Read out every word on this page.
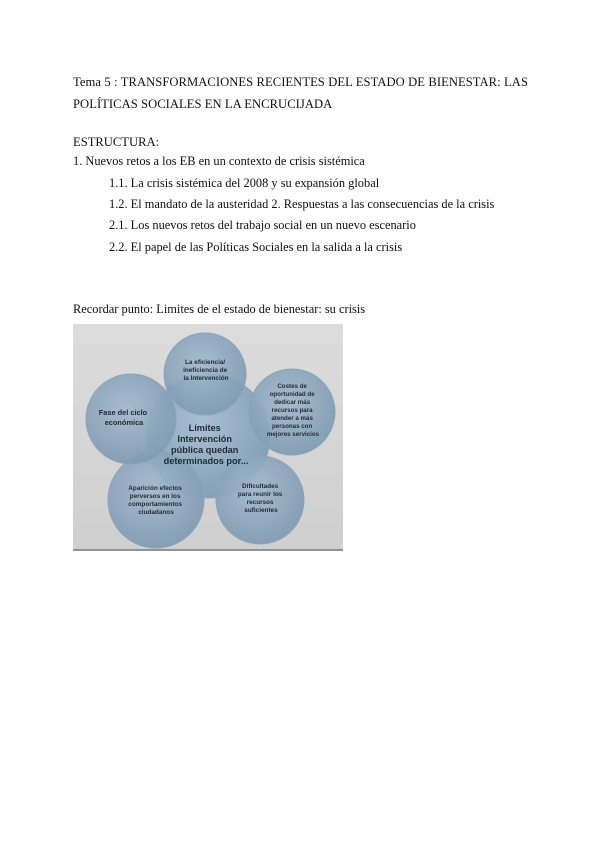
Tema 5 : TRANSFORMACIONES RECIENTES DEL ESTADO DE BIENESTAR: LAS POLÍTICAS SOCIALES EN LA ENCRUCIJADA
ESTRUCTURA:
1. Nuevos retos a los EB en un contexto de crisis sistémica
1.1. La crisis sistémica del 2008 y su expansión global
1.2. El mandato de la austeridad 2. Respuestas a las consecuencias de la crisis
2.1. Los nuevos retos del trabajo social en un nuevo escenario
2.2. El papel de las Políticas Sociales en la salida a la crisis
Recordar punto: Limites de el estado de bienestar: su crisis
Límites Intervención pública quedan determinados por...
La eficiencia/ ineficiencia de la Intervención
Costes de oportunidad de dedicar más recursos para atender a más personas con mejores servicios
Dificultades para reunir los recursos suficientes
Aparición efectos perversos en los comportamientos ciudadanos
Fase del ciclo económica
